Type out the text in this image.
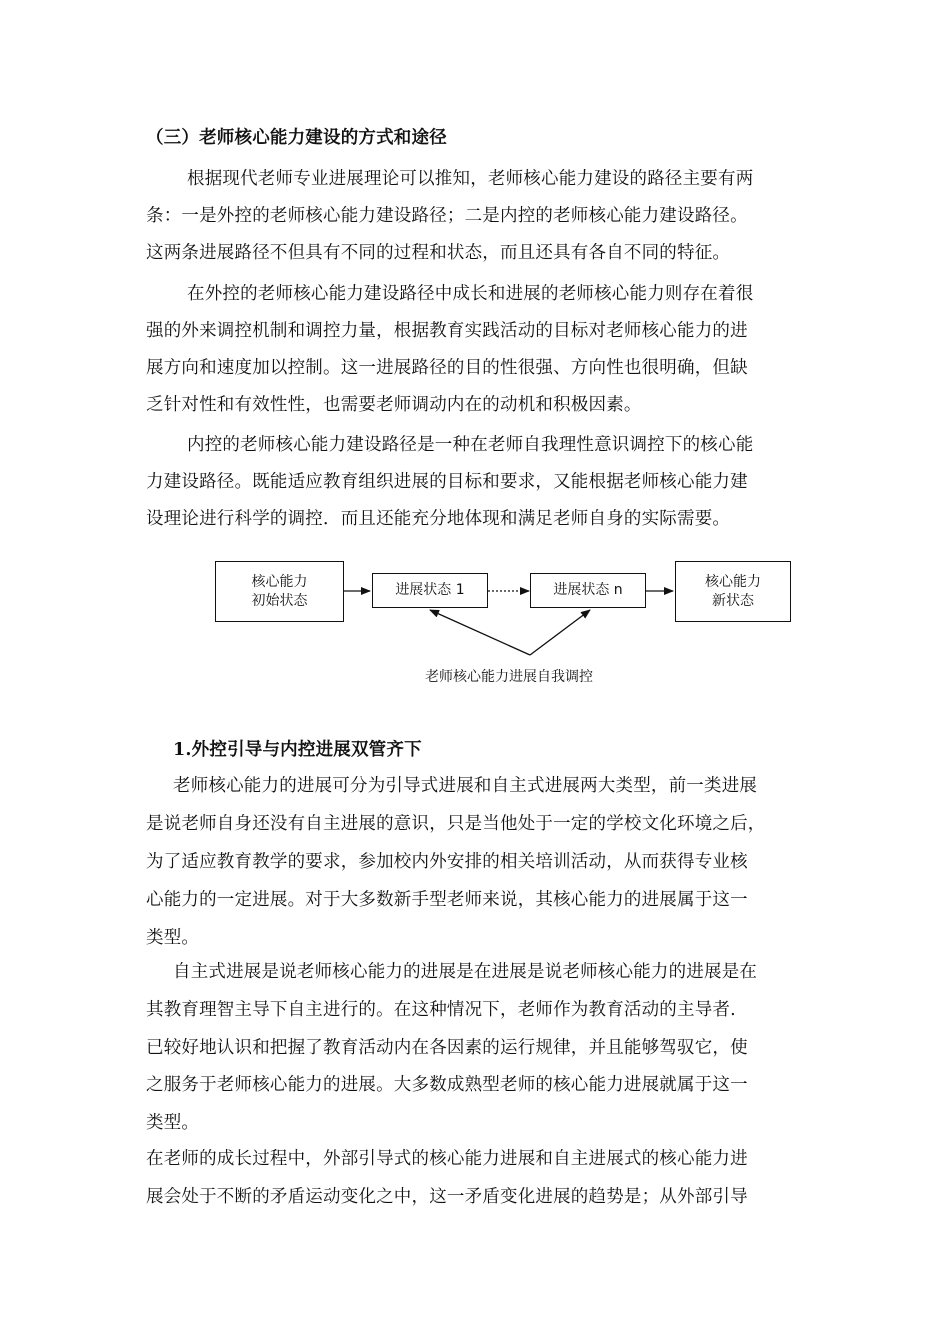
（三）老师核心能力建设的方式和途径
根据现代老师专业进展理论可以推知，老师核心能力建设的路径主要有两
条：一是外控的老师核心能力建设路径；二是内控的老师核心能力建设路径。
这两条进展路径不但具有不同的过程和状态，而且还具有各自不同的特征。
在外控的老师核心能力建设路径中成长和进展的老师核心能力则存在着很
强的外来调控机制和调控力量，根据教育实践活动的目标对老师核心能力的进
展方向和速度加以控制。这一进展路径的目的性很强、方向性也很明确，但缺
乏针对性和有效性性，也需要老师调动内在的动机和积极因素。
内控的老师核心能力建设路径是一种在老师自我理性意识调控下的核心能
力建设路径。既能适应教育组织进展的目标和要求，又能根据老师核心能力建
设理论进行科学的调控．而且还能充分地体现和满足老师自身的实际需要。
核心能力
初始状态
进展状态 1	进展状态 n
核心能力
新状态
老师核心能力进展自我调控
1.外控引导与内控进展双管齐下
老师核心能力的进展可分为引导式进展和自主式进展两大类型，前一类进展
是说老师自身还没有自主进展的意识，只是当他处于一定的学校文化环境之后，
为了适应教育教学的要求，参加校内外安排的相关培训活动，从而获得专业核
心能力的一定进展。对于大多数新手型老师来说，其核心能力的进展属于这一
类型。
自主式进展是说老师核心能力的进展是在进展是说老师核心能力的进展是在
其教育理智主导下自主进行的。在这种情况下，老师作为教育活动的主导者.
已较好地认识和把握了教育活动内在各因素的运行规律，并且能够驾驭它，使
之服务于老师核心能力的进展。大多数成熟型老师的核心能力进展就属于这一
类型。
在老师的成长过程中，外部引导式的核心能力进展和自主进展式的核心能力进
展会处于不断的矛盾运动变化之中，这一矛盾变化进展的趋势是；从外部引导
